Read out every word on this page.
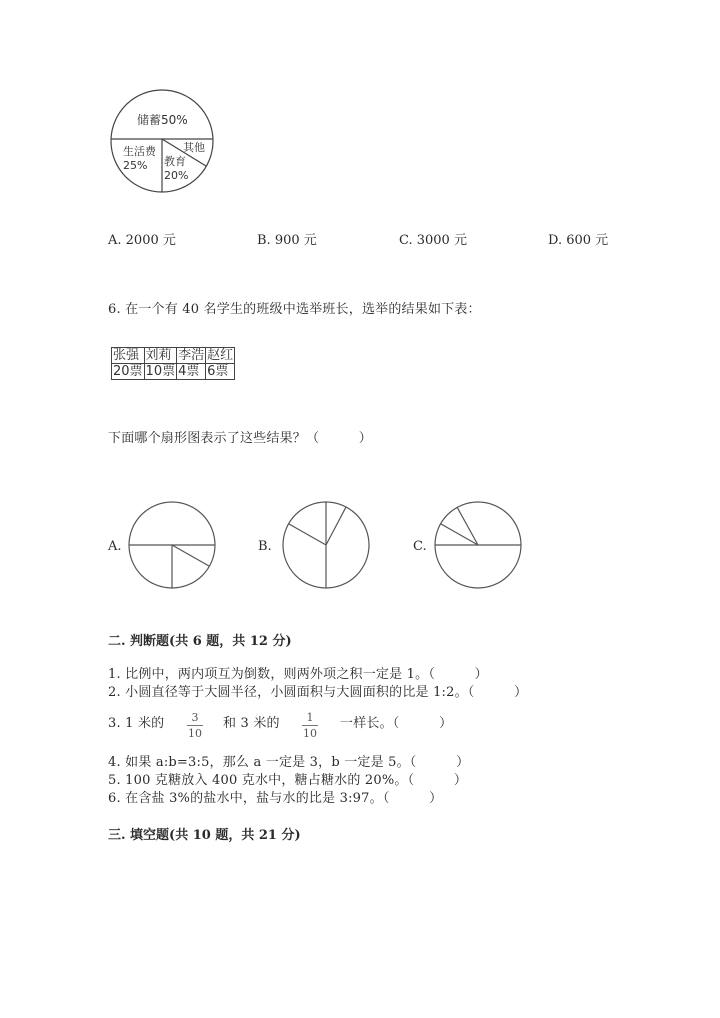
储蓄50%
生活费
25% 教育
20%
其他
A. 2000 元	B. 900 元	C. 3000 元	D. 600 元
6. 在一个有 40 名学生的班级中选举班长，选举的结果如下表：
张强	刘莉	李浩	赵红
20票	10票	4票	6票
下面哪个扇形图表示了这些结果？（　　　）
A.	B.	C.
二. 判断题(共 6 题，共 12 分)
1. 比例中，两内项互为倒数，则两外项之积一定是 1。（　　　）
2. 小圆直径等于大圆半径，小圆面积与大圆面积的比是 1:2。（　　　）
3. 1 米的 3
10
和 3 米的 1
10
一样长。（　　　）
4. 如果 a:b=3:5，那么 a 一定是 3，b 一定是 5。（　　　）
5. 100 克糖放入 400 克水中，糖占糖水的 20%。（　　　）
6. 在含盐 3%的盐水中，盐与水的比是 3:97。（　　　）
三. 填空题(共 10 题，共 21 分)
